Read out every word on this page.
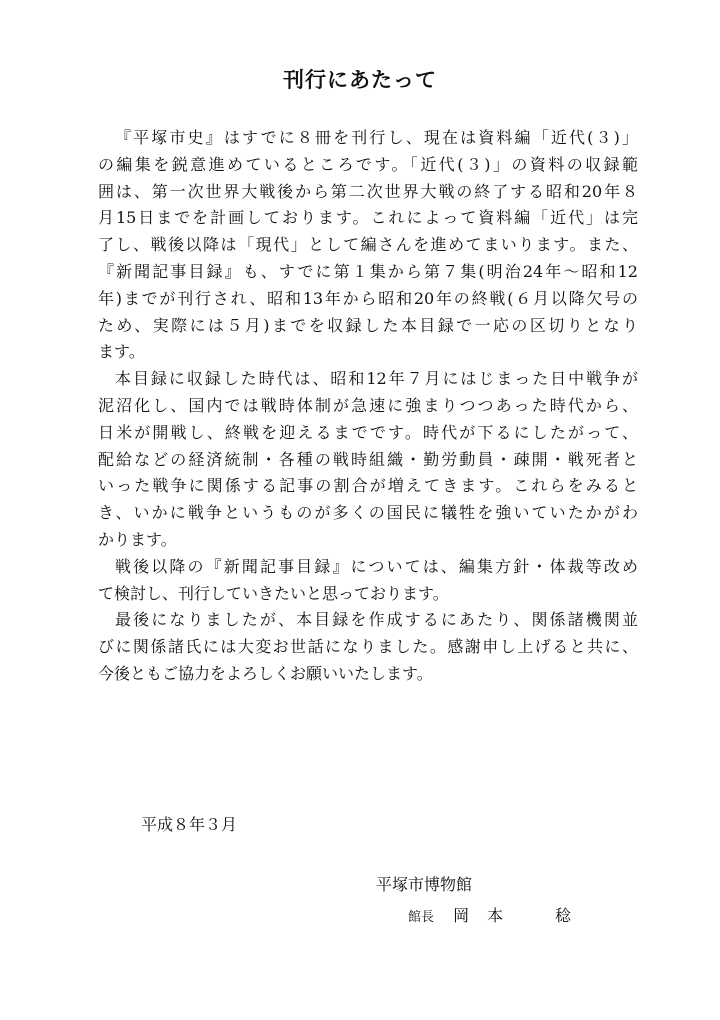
刊行にあたって
『平塚市史』はすでに８冊を刊行し、現在は資料編「近代(３)」
の編集を鋭意進めているところです。「近代(３)」の資料の収録範
囲は、第一次世界大戦後から第二次世界大戦の終了する昭和20年８
月15日までを計画しております。これによって資料編「近代」は完
了し、戦後以降は「現代」として編さんを進めてまいります。また、
『新聞記事目録』も、すでに第１集から第７集(明治24年～昭和12
年)までが刊行され、昭和13年から昭和20年の終戦(６月以降欠号の
ため、実際には５月)までを収録した本目録で一応の区切りとなり
ます。
本目録に収録した時代は、昭和12年７月にはじまった日中戦争が
泥沼化し、国内では戦時体制が急速に強まりつつあった時代から、
日米が開戦し、終戦を迎えるまでです。時代が下るにしたがって、
配給などの経済統制・各種の戦時組織・勤労動員・疎開・戦死者と
いった戦争に関係する記事の割合が増えてきます。これらをみると
き、いかに戦争というものが多くの国民に犠牲を強いていたかがわ
かります。
戦後以降の『新聞記事目録』については、編集方針・体裁等改め
て検討し、刊行していきたいと思っております。
最後になりましたが、本目録を作成するにあたり、関係諸機関並
びに関係諸氏には大変お世話になりました。感謝申し上げると共に、
今後ともご協力をよろしくお願いいたします。
平成８年３月
平塚市博物館
館長 岡本　稔
